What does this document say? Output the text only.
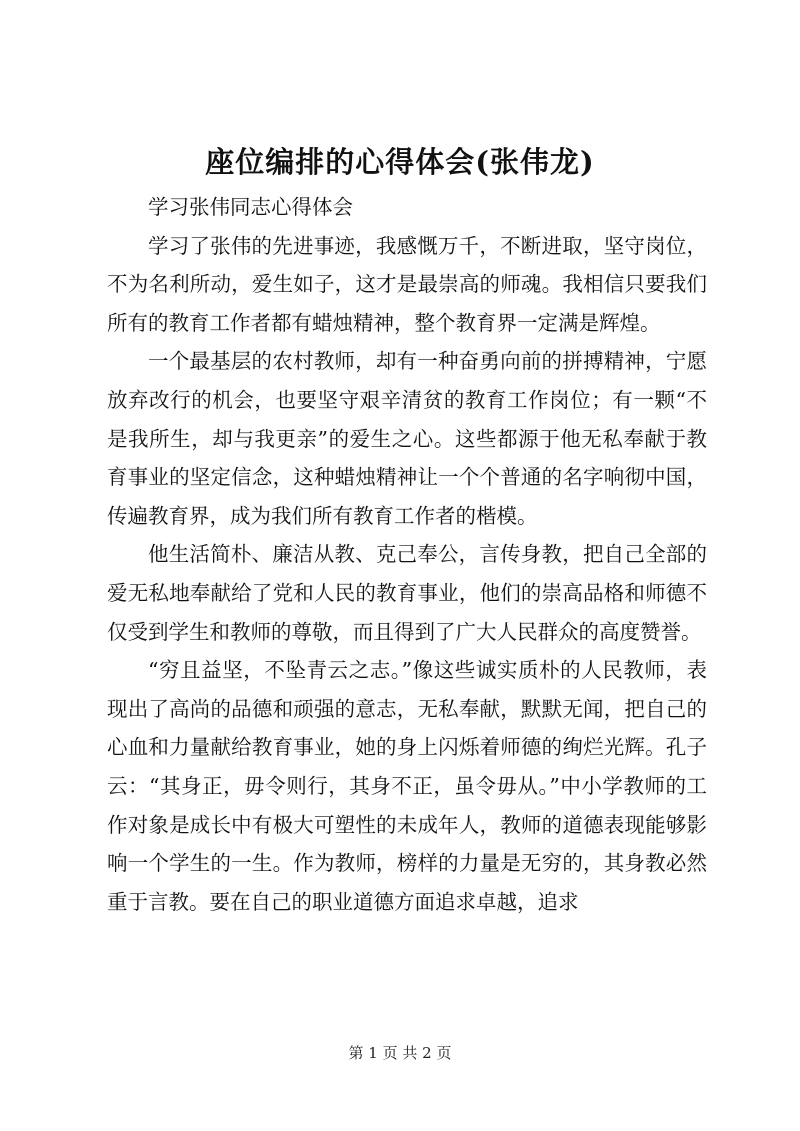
座位编排的心得体会(张伟龙)

学习张伟同志心得体会

学习了张伟的先进事迹，我感慨万千，不断进取，坚守岗位，不为名利所动，爱生如子，这才是最崇高的师魂。我相信只要我们所有的教育工作者都有蜡烛精神，整个教育界一定满是辉煌。

一个最基层的农村教师，却有一种奋勇向前的拼搏精神，宁愿放弃改行的机会，也要坚守艰辛清贫的教育工作岗位；有一颗“不是我所生，却与我更亲”的爱生之心。这些都源于他无私奉献于教育事业的坚定信念，这种蜡烛精神让一个个普通的名字响彻中国，传遍教育界，成为我们所有教育工作者的楷模。

他生活简朴、廉洁从教、克己奉公，言传身教，把自己全部的爱无私地奉献给了党和人民的教育事业，他们的崇高品格和师德不仅受到学生和教师的尊敬，而且得到了广大人民群众的高度赞誉。

“穷且益坚，不坠青云之志。”像这些诚实质朴的人民教师，表现出了高尚的品德和顽强的意志，无私奉献，默默无闻，把自己的心血和力量献给教育事业，她的身上闪烁着师德的绚烂光辉。孔子云：“其身正，毋令则行，其身不正，虽令毋从。”中小学教师的工作对象是成长中有极大可塑性的未成年人，教师的道德表现能够影响一个学生的一生。作为教师，榜样的力量是无穷的，其身教必然重于言教。要在自己的职业道德方面追求卓越，追求

第 1 页 共 2 页
